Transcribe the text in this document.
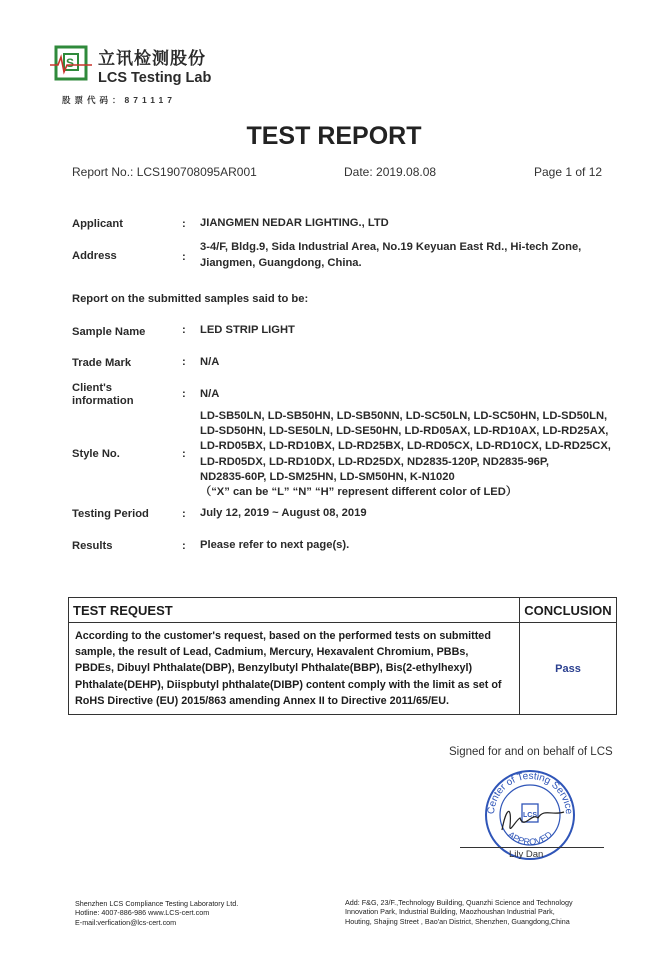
S 立讯检测股份
LCS Testing Lab
股票代码：871117
TEST REPORT
Report No.: LCS190708095AR001	Date: 2019.08.08	Page 1 of 12
Applicant	: JIANGMEN NEDAR LIGHTING., LTD
Address	:
3-4/F, Bldg.9, Sida Industrial Area, No.19 Keyuan East Rd., Hi-tech Zone,
Jiangmen, Guangdong, China.
Report on the submitted samples said to be:
Sample Name	: LED STRIP LIGHT
Trade Mark	: N/A
Client's
information
: N/A
Style No.	:
LD-SB50LN, LD-SB50HN, LD-SB50NN, LD-SC50LN, LD-SC50HN, LD-SD50LN,
LD-SD50HN, LD-SE50LN, LD-SE50HN, LD-RD05AX, LD-RD10AX, LD-RD25AX,
LD-RD05BX, LD-RD10BX, LD-RD25BX, LD-RD05CX, LD-RD10CX, LD-RD25CX,
LD-RD05DX, LD-RD10DX, LD-RD25DX, ND2835-120P, ND2835-96P,
ND2835-60P, LD-SM25HN, LD-SM50HN, K-N1020
（“X” can be “L” “N” “H” represent different color of LED）
Testing Period	: July 12, 2019 ~ August 08, 2019
Results	: Please refer to next page(s).
TEST REQUEST	CONCLUSION

According to the customer's request, based on the performed tests on submitted
sample, the result of Lead, Cadmium, Mercury, Hexavalent Chromium, PBBs,
PBDEs, Dibuyl Phthalate(DBP), Benzylbutyl Phthalate(BBP), Bis(2-ethylhexyl)
Phthalate(DEHP), Diispbutyl phthalate(DIBP) content comply with the limit as set of
RoHS Directive (EU) 2015/863 amending Annex II to Directive 2011/65/EU.	Pass
Signed for and on behalf of LCS
Center of Testing Service
APPROVED
LCS
Lily Dan
Shenzhen LCS Compliance Testing Laboratory Ltd.
Hotline: 4007-886-986 www.LCS-cert.com
E-mail:verfication@lcs-cert.com
Add: F&G, 23/F.,Technology Building, Quanzhi Science and Technology
Innovation Park, Industrial Building, Maozhoushan Industrial Park,
Houting, Shajing Street , Bao'an District, Shenzhen, Guangdong,China
